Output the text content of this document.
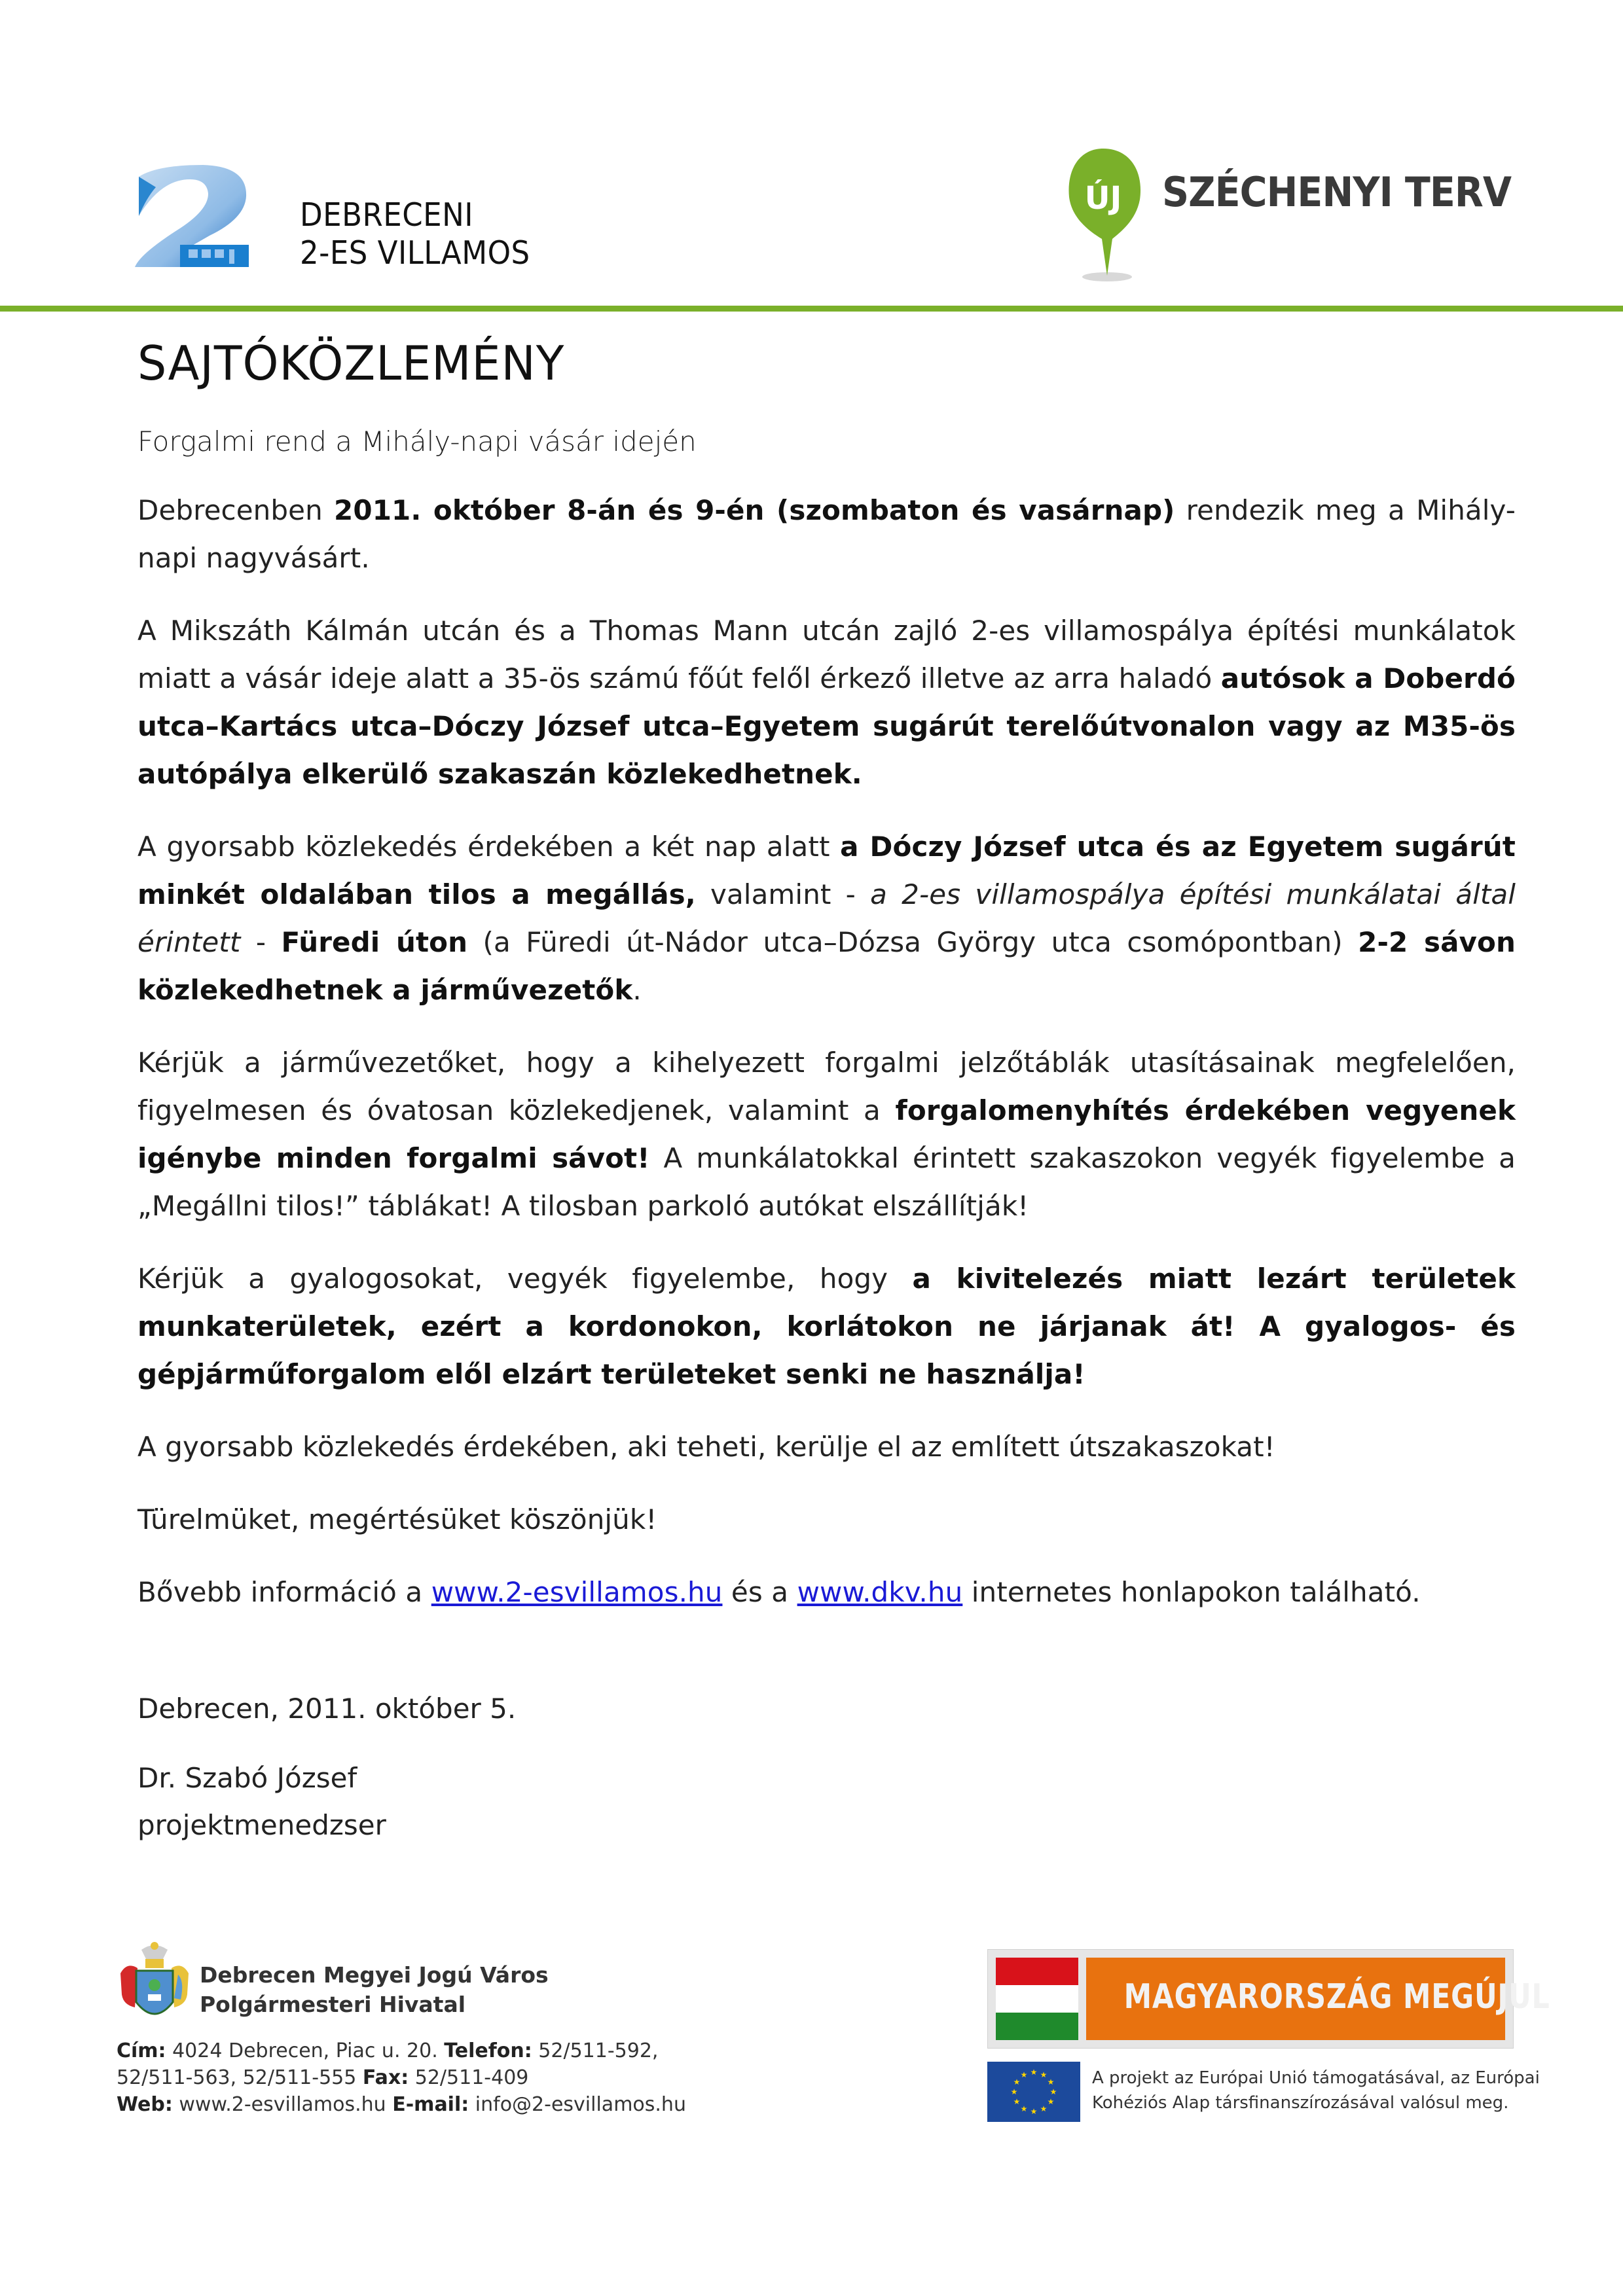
DEBRECENI
2-ES VILLAMOS
ÚJ SZÉCHENYI TERV
SAJTÓKÖZLEMÉNY
Forgalmi rend a Mihály-napi vásár idején

Debrecenben 2011. október 8-án és 9-én (szombaton és vasárnap) rendezik meg a Mihály-napi nagyvásárt.

A Mikszáth Kálmán utcán és a Thomas Mann utcán zajló 2-es villamospálya építési munkálatok miatt a vásár ideje alatt a 35-ös számú főút felől érkező illetve az arra haladó autósok a Doberdó utca–Kartács utca–Dóczy József utca–Egyetem sugárút terelőútvonalon vagy az M35-ös autópálya elkerülő szakaszán közlekedhetnek.

A gyorsabb közlekedés érdekében a két nap alatt a Dóczy József utca és az Egyetem sugárút minkét oldalában tilos a megállás, valamint - a 2-es villamospálya építési munkálatai által érintett - Füredi úton (a Füredi út-Nádor utca–Dózsa György utca csomópontban) 2-2 sávon közlekedhetnek a járművezetők.

Kérjük a járművezetőket, hogy a kihelyezett forgalmi jelzőtáblák utasításainak megfelelően, figyelmesen és óvatosan közlekedjenek, valamint a forgalomenyhítés érdekében vegyenek igénybe minden forgalmi sávot! A munkálatokkal érintett szakaszokon vegyék figyelembe a „Megállni tilos!” táblákat! A tilosban parkoló autókat elszállítják!

Kérjük a gyalogosokat, vegyék figyelembe, hogy a kivitelezés miatt lezárt területek munkaterületek, ezért a kordonokon, korlátokon ne járjanak át! A gyalogos- és gépjárműforgalom elől elzárt területeket senki ne használja!

A gyorsabb közlekedés érdekében, aki teheti, kerülje el az említett útszakaszokat!

Türelmüket, megértésüket köszönjük!

Bővebb információ a www.2-esvillamos.hu és a www.dkv.hu internetes honlapokon található.

Debrecen, 2011. október 5.
Dr. Szabó József
projektmenedzser
Debrecen Megyei Jogú Város
Polgármesteri Hivatal
Cím: 4024 Debrecen, Piac u. 20. Telefon: 52/511-592,
52/511-563, 52/511-555 Fax: 52/511-409
Web: www.2-esvillamos.hu E-mail: info@2-esvillamos.hu
MAGYARORSZÁG MEGÚJUL
★ ★
★
★
★
★
★
★
★
★
★
★	A projekt az Európai Unió támogatásával, az Európai
Kohéziós Alap társfinanszírozásával valósul meg.
